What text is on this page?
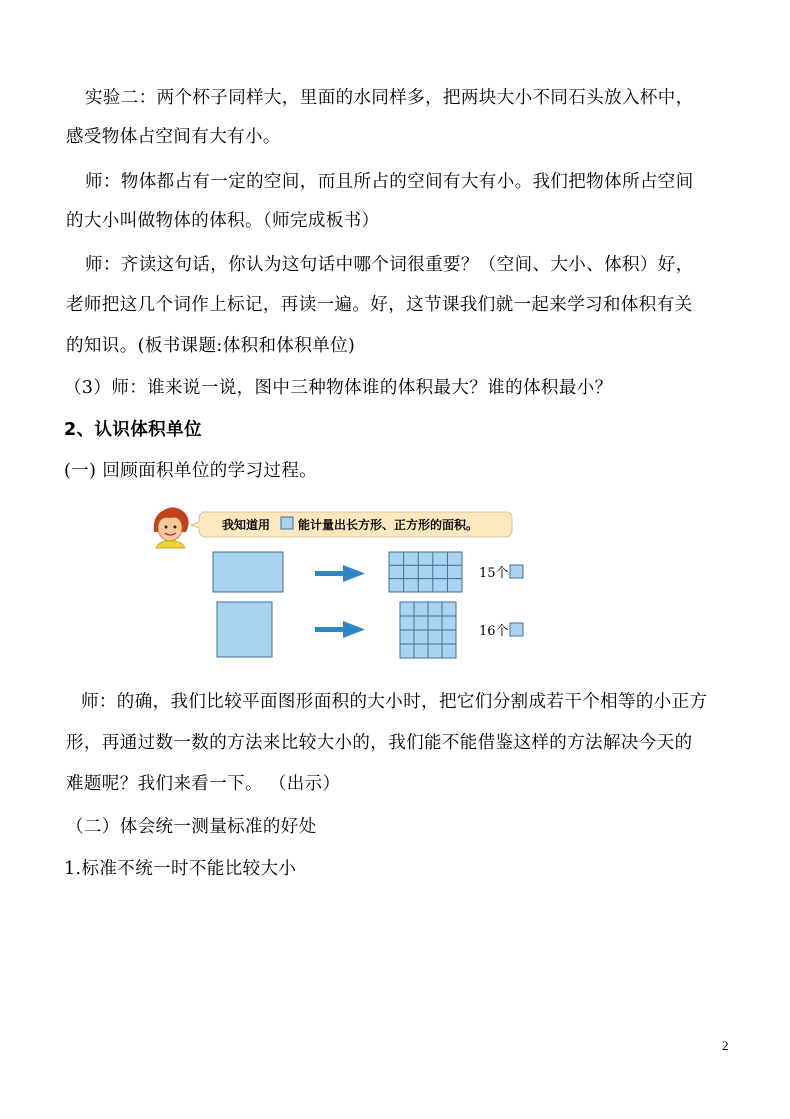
实验二：两个杯子同样大，里面的水同样多，把两块大小不同石头放入杯中，
感受物体占空间有大有小。
师：物体都占有一定的空间，而且所占的空间有大有小。我们把物体所占空间
的大小叫做物体的体积。（师完成板书）
师：齐读这句话，你认为这句话中哪个词很重要？（空间、大小、体积）好，
老师把这几个词作上标记，再读一遍。好，这节课我们就一起来学习和体积有关
的知识。(板书课题:体积和体积单位)
（3）师：谁来说一说，图中三种物体谁的体积最大？谁的体积最小？
2、认识体积单位
(一) 回顾面积单位的学习过程。
我知道用 能计量出长方形、正方形的面积。
15个
16个
师：的确，我们比较平面图形面积的大小时，把它们分割成若干个相等的小正方
形，再通过数一数的方法来比较大小的，我们能不能借鉴这样的方法解决今天的
难题呢？我们来看一下。 （出示）
（二）体会统一测量标准的好处
1.标准不统一时不能比较大小
2
